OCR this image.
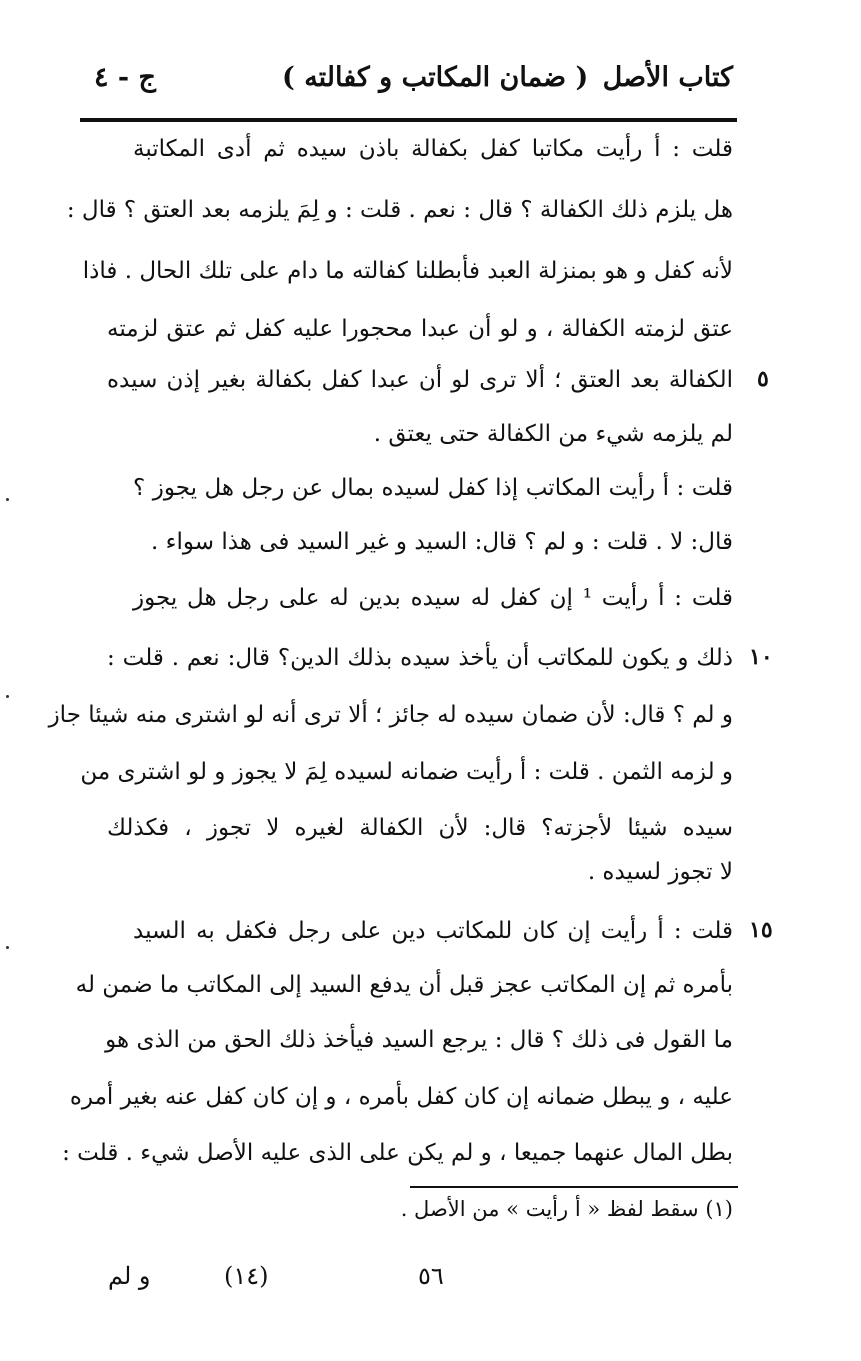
كتاب الأصل
( ضمان المكاتب و كفالته )
ج - ٤
قلت : أ رأيت مكاتبا كفل بكفالة باذن سيده ثم أدى المكاتبة
هل يلزم ذلك الكفالة ؟ قال : نعم . قلت : و لِمَ يلزمه بعد العتق ؟ قال :
لأنه كفل و هو بمنزلة العبد فأبطلنا كفالته ما دام على تلك الحال . فاذا
عتق لزمته الكفالة ، و لو أن عبدا محجورا عليه كفل ثم عتق لزمته
الكفالة بعد العتق ؛ ألا ترى لو أن عبدا كفل بكفالة بغير إذن سيده
لم يلزمه شيء من الكفالة حتى يعتق .
قلت : أ رأيت المكاتب إذا كفل لسيده بمال عن رجل هل يجوز ؟
قال: لا . قلت : و لم ؟ قال: السيد و غير السيد فى هذا سواء .
قلت : أ رأيت ¹ إن كفل له سيده بدين له على رجل هل يجوز
ذلك و يكون للمكاتب أن يأخذ سيده بذلك الدين؟ قال: نعم . قلت :
و لم ؟ قال: لأن ضمان سيده له جائز ؛ ألا ترى أنه لو اشترى منه شيئا جاز
و لزمه الثمن . قلت : أ رأيت ضمانه لسيده لِمَ لا يجوز و لو اشترى من
سيده شيئا لأجزته؟ قال: لأن الكفالة لغيره لا تجوز ، فكذلك
لا تجوز لسيده .
قلت : أ رأيت إن كان للمكاتب دين على رجل فكفل به السيد
بأمره ثم إن المكاتب عجز قبل أن يدفع السيد إلى المكاتب ما ضمن له
ما القول فى ذلك ؟ قال : يرجع السيد فيأخذ ذلك الحق من الذى هو
عليه ، و يبطل ضمانه إن كان كفل بأمره ، و إن كان كفل عنه بغير أمره
بطل المال عنهما جميعا ، و لم يكن على الذى عليه الأصل شيء . قلت :
٥
١٠
١٥
(١) سقط لفظ « أ رأيت » من الأصل .
و لم	(١٤)	٥٦
